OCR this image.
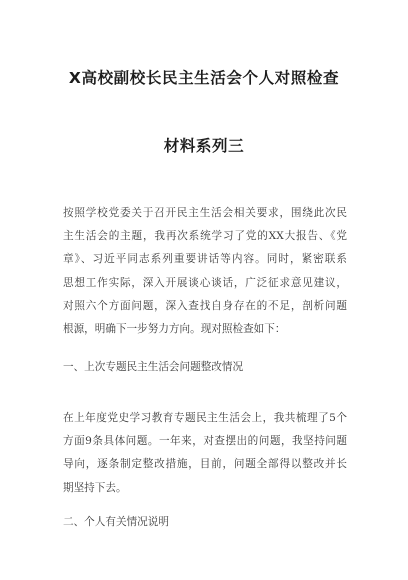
X高校副校长民主生活会个人对照检查
材料系列三
按照学校党委关于召开民主生活会相关要求，围绕此次民
主生活会的主题，我再次系统学习了党的XX大报告、《党
章》、习近平同志系列重要讲话等内容。同时，紧密联系
思想工作实际，深入开展谈心谈话，广泛征求意见建议，
对照六个方面问题，深入查找自身存在的不足，剖析问题
根源，明确下一步努力方向。现对照检查如下：
一、上次专题民主生活会问题整改情况
在上年度党史学习教育专题民主生活会上，我共梳理了5个
方面9条具体问题。一年来，对查摆出的问题，我坚持问题
导向，逐条制定整改措施，目前，问题全部得以整改并长
期坚持下去。
二、个人有关情况说明
